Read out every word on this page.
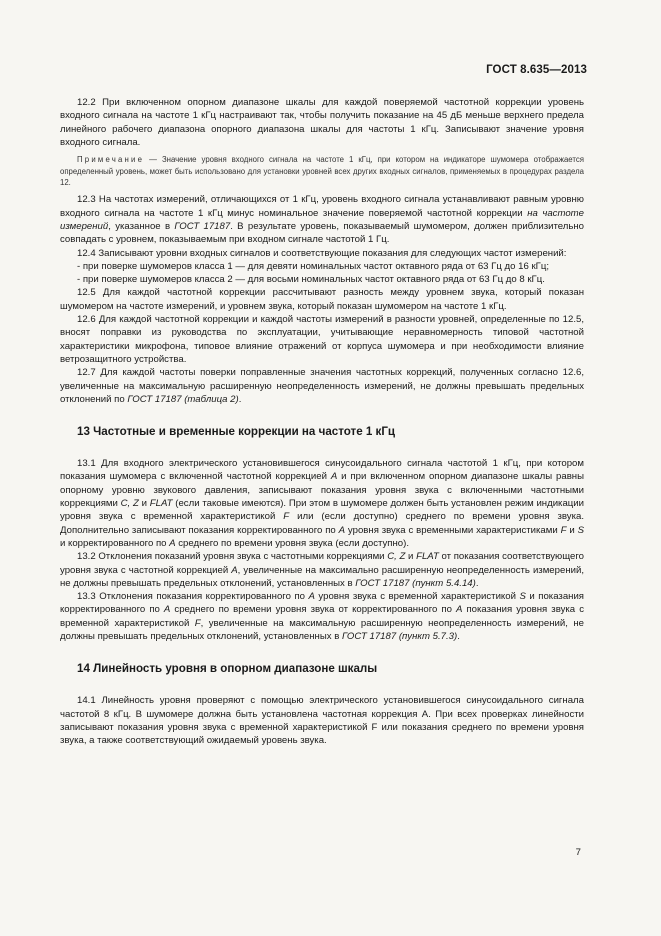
ГОСТ 8.635—2013

12.2 При включенном опорном диапазоне шкалы для каждой поверяемой частотной коррекции уровень входного сигнала на частоте 1 кГц настраивают так, чтобы получить показание на 45 дБ меньше верхнего предела линейного рабочего диапазона опорного диапазона шкалы для частоты 1 кГц. Записывают значение уровня входного сигнала.

Примечание — Значение уровня входного сигнала на частоте 1 кГц, при котором на индикаторе шумомера отображается определенный уровень, может быть использовано для установки уровней всех других входных сигналов, применяемых в процедурах раздела 12.

12.3 На частотах измерений, отличающихся от 1 кГц, уровень входного сигнала устанавливают равным уровню входного сигнала на частоте 1 кГц минус номинальное значение поверяемой частотной коррекции на частоте измерений, указанное в ГОСТ 17187. В результате уровень, показываемый шумомером, должен приблизительно совпадать с уровнем, показываемым при входном сигнале частотой 1 Гц.

12.4 Записывают уровни входных сигналов и соответствующие показания для следующих частот измерений:

- при поверке шумомеров класса 1 — для девяти номинальных частот октавного ряда от 63 Гц до 16 кГц;

- при поверке шумомеров класса 2 — для восьми номинальных частот октавного ряда от 63 Гц до 8 кГц.

12.5 Для каждой частотной коррекции рассчитывают разность между уровнем звука, который показан шумомером на частоте измерений, и уровнем звука, который показан шумомером на частоте 1 кГц.

12.6 Для каждой частотной коррекции и каждой частоты измерений в разности уровней, определенные по 12.5, вносят поправки из руководства по эксплуатации, учитывающие неравномерность типовой частотной характеристики микрофона, типовое влияние отражений от корпуса шумомера и при необходимости влияние ветрозащитного устройства.

12.7 Для каждой частоты поверки поправленные значения частотных коррекций, полученных согласно 12.6, увеличенные на максимальную расширенную неопределенность измерений, не должны превышать предельных отклонений по ГОСТ 17187 (таблица 2).

13 Частотные и временные коррекции на частоте 1 кГц

13.1 Для входного электрического установившегося синусоидального сигнала частотой 1 кГц, при котором показания шумомера с включенной частотной коррекцией A и при включенном опорном диапазоне шкалы равны опорному уровню звукового давления, записывают показания уровня звука с включенными частотными коррекциями C, Z и FLAT (если таковые имеются). При этом в шумомере должен быть установлен режим индикации уровня звука с временной характеристикой F или (если доступно) среднего по времени уровня звука. Дополнительно записывают показания корректированного по A уровня звука с временными характеристиками F и S и корректированного по A среднего по времени уровня звука (если доступно).

13.2 Отклонения показаний уровня звука с частотными коррекциями C, Z и FLAT от показания соответствующего уровня звука с частотной коррекцией A, увеличенные на максимально расширенную неопределенность измерений, не должны превышать предельных отклонений, установленных в ГОСТ 17187 (пункт 5.4.14).

13.3 Отклонения показания корректированного по A уровня звука с временной характеристикой S и показания корректированного по A среднего по времени уровня звука от корректированного по A показания уровня звука с временной характеристикой F, увеличенные на максимальную расширенную неопределенность измерений, не должны превышать предельных отклонений, установленных в ГОСТ 17187 (пункт 5.7.3).

14 Линейность уровня в опорном диапазоне шкалы

14.1 Линейность уровня проверяют с помощью электрического установившегося синусоидального сигнала частотой 8 кГц. В шумомере должна быть установлена частотная коррекция А. При всех проверках линейности записывают показания уровня звука с временной характеристикой F или показания среднего по времени уровня звука, а также соответствующий ожидаемый уровень звука.

7
